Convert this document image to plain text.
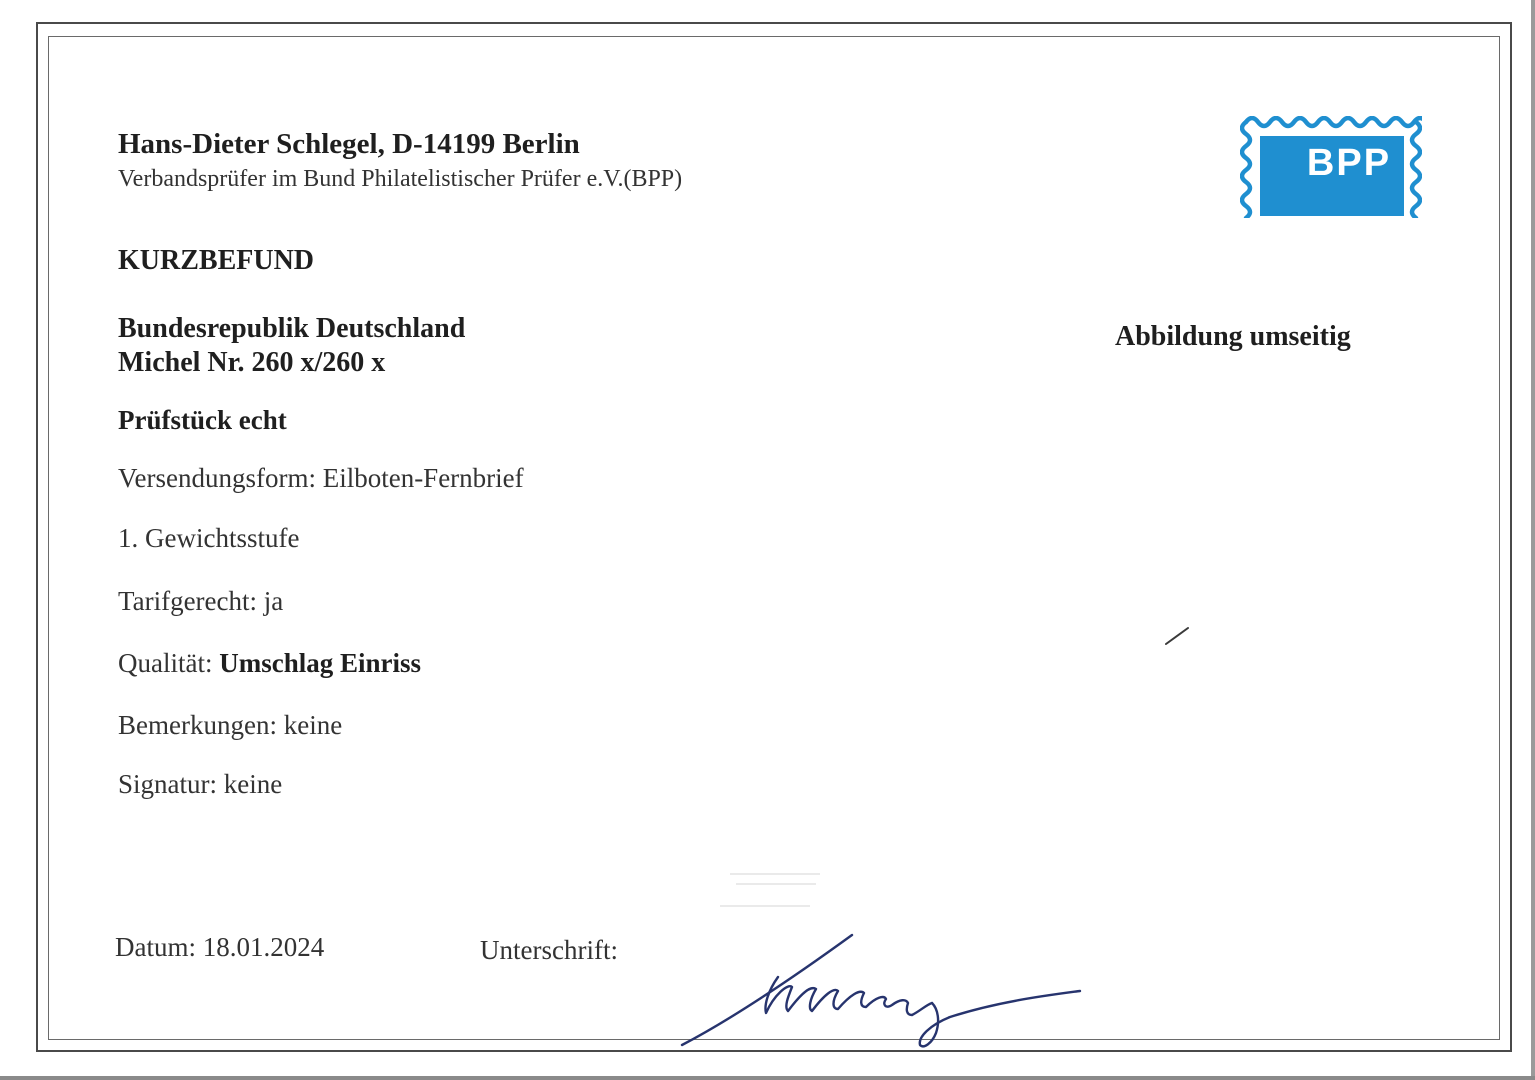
Hans-Dieter Schlegel, D-14199 Berlin
Verbandsprüfer im Bund Philatelistischer Prüfer e.V.(BPP)	BPP
KURZBEFUND
Bundesrepublik Deutschland
Michel Nr. 260 x/260 x
Abbildung umseitig
Prüfstück echt
Versendungsform: Eilboten-Fernbrief
1. Gewichtsstufe
Tarifgerecht: ja
Qualität: Umschlag Einriss
Bemerkungen: keine
Signatur: keine
Datum: 18.01.2024	Unterschrift:
